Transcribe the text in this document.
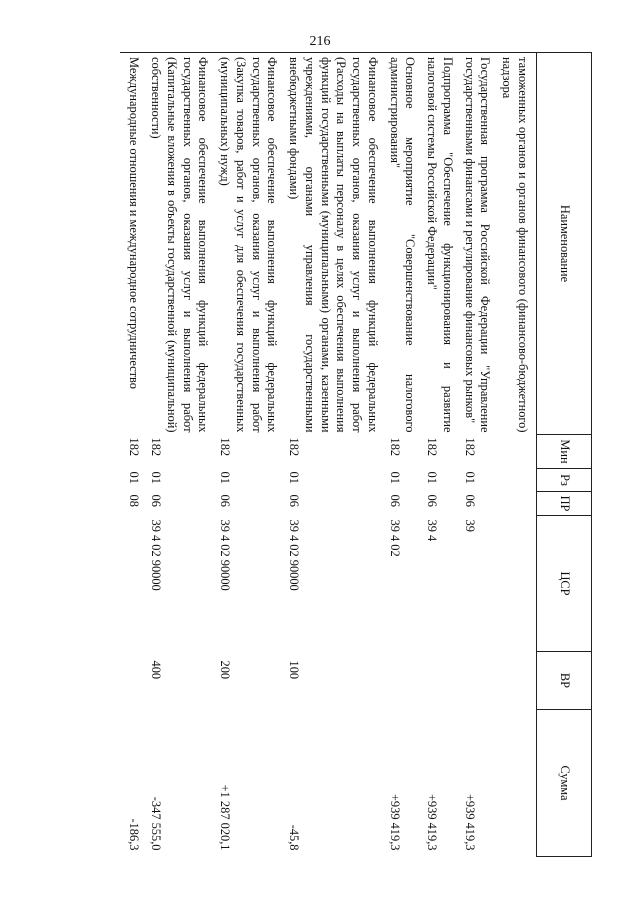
216
Наименование	Мин	Рз	ПР	ЦСР	ВР	Сумма
таможенных органов и органов финансового (финансово-бюджетного) надзора						
Государственная программа Российской Федерации "Управление государственными финансами и регулирование финансовых рынков"	182	01	06	39		+939 419,3
Подпрограмма "Обеспечение функционирования и развитие налоговой системы Российской Федерации"	182	01	06	39 4		+939 419,3
Основное мероприятие "Совершенствование налогового администрирования"	182	01	06	39 4 02		+939 419,3
Финансовое обеспечение выполнения функций федеральных государственных органов, оказания услуг и выполнения работ (Расходы на выплаты персоналу в целях обеспечения выполнения функций государственными (муниципальными) органами, казенными учреждениями, органами управления государственными внебюджетными фондами)	182	01	06	39 4 02 90000	100	-45,8
Финансовое обеспечение выполнения функций федеральных государственных органов, оказания услуг и выполнения работ (Закупка товаров, работ и услуг для обеспечения государственных (муниципальных) нужд)	182	01	06	39 4 02 90000	200	+1 287 020,1
Финансовое обеспечение выполнения функций федеральных государственных органов, оказания услуг и выполнения работ (Капитальные вложения в объекты государственной (муниципальной) собственности)	182	01	06	39 4 02 90000	400	-347 555,0
Международные отношения и международное сотрудничество	182	01	08			-186,3
